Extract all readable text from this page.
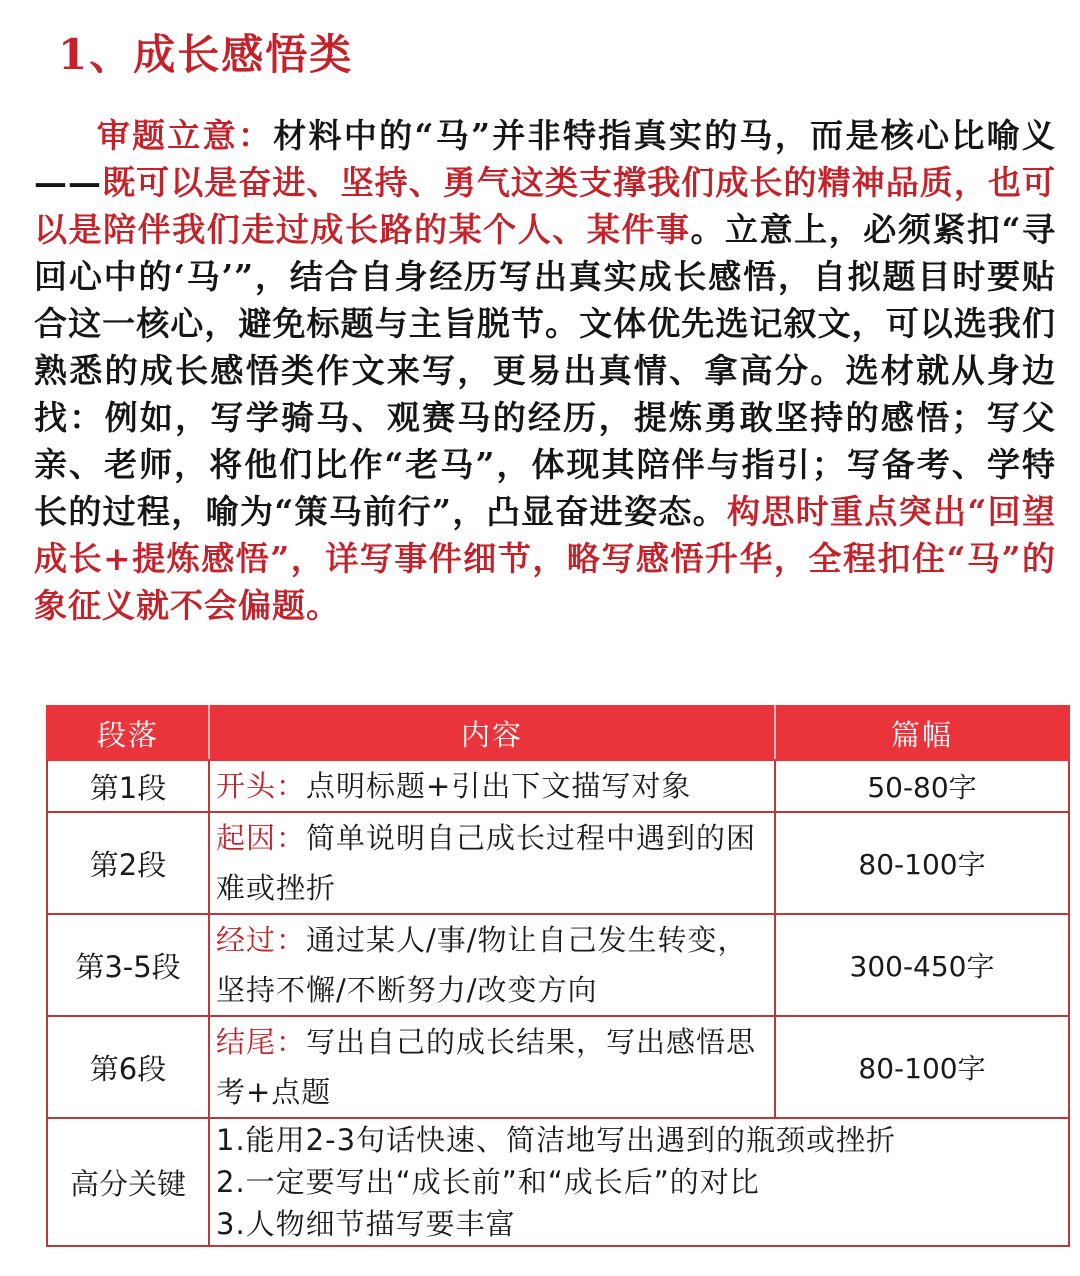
1、成长感悟类

审题立意：材料中的“马”并非特指真实的马，而是核心比喻义——既可以是奋进、坚持、勇气这类支撑我们成长的精神品质，也可以是陪伴我们走过成长路的某个人、某件事。立意上，必须紧扣“寻回心中的‘马’”，结合自身经历写出真实成长感悟，自拟题目时要贴合这一核心，避免标题与主旨脱节。文体优先选记叙文，可以选我们熟悉的成长感悟类作文来写，更易出真情、拿高分。选材就从身边找：例如，写学骑马、观赛马的经历，提炼勇敢坚持的感悟；写父亲、老师，将他们比作“老马”，体现其陪伴与指引；写备考、学特长的过程，喻为“策马前行”，凸显奋进姿态。构思时重点突出“回望成长+提炼感悟”，详写事件细节，略写感悟升华，全程扣住“马”的象征义就不会偏题。

段落	内容	篇幅
第1段	开头：点明标题+引出下文描写对象	50-80字
第2段	起因：简单说明自己成长过程中遇到的困难或挫折	80-100字
第3-5段	经过：通过某人/事/物让自己发生转变，坚持不懈/不断努力/改变方向	300-450字
第6段	结尾：写出自己的成长结果，写出感悟思考+点题	80-100字
高分关键	1.能用2-3句话快速、简洁地写出遇到的瓶颈或挫折
2.一定要写出“成长前”和“成长后”的对比
3.人物细节描写要丰富	
